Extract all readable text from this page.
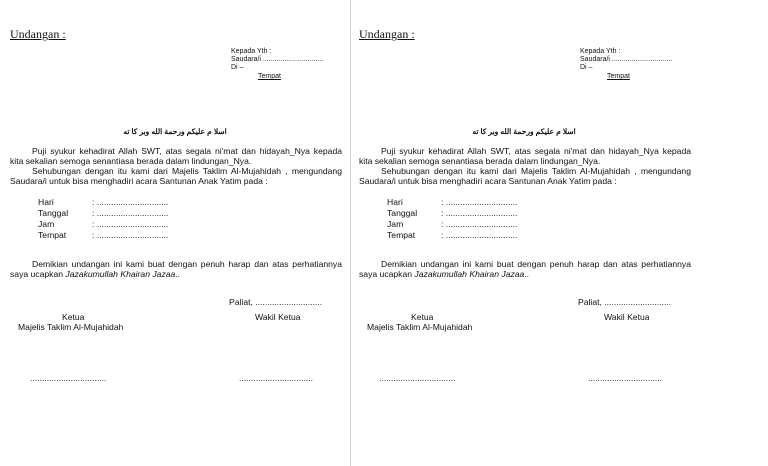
Undangan :
Kepada Yth :
Saudara/i ...............................
Di –
Tempat
اسلا م عليكم ورحمة الله وبر كا ته
Puji syukur kehadirat Allah SWT, atas segala ni'mat dan hidayah_Nya kepada kita sekalian semoga senantiasa berada dalam lindungan_Nya.
Sehubungan dengan itu kami dari Majelis Taklim Al-Mujahidah , mengundang Saudara/i untuk bisa menghadiri acara Santunan Anak Yatim pada :
Hari	: ..............................
Tanggal	: ..............................
Jam	: ..............................
Tempat	: ..............................
Demikian undangan ini kami buat dengan penuh harap dan atas perhatiannya saya ucapkan Jazakumullah Khairan Jazaa..
Paliat, ............................
Ketua
Majelis Taklim Al-Mujahidah
Wakil Ketua
................................	...............................
Undangan :
Kepada Yth :
Saudara/i ...............................
Di –
Tempat
اسلا م عليكم ورحمة الله وبر كا ته
Puji syukur kehadirat Allah SWT, atas segala ni'mat dan hidayah_Nya kepada kita sekalian semoga senantiasa berada dalam lindungan_Nya.
Sehubungan dengan itu kami dari Majelis Taklim Al-Mujahidah , mengundang Saudara/i untuk bisa menghadiri acara Santunan Anak Yatim pada :
Hari	: ..............................
Tanggal	: ..............................
Jam	: ..............................
Tempat	: ..............................
Demikian undangan ini kami buat dengan penuh harap dan atas perhatiannya saya ucapkan Jazakumullah Khairan Jazaa..
Paliat, ............................
Ketua
Majelis Taklim Al-Mujahidah
Wakil Ketua
................................	...............................
